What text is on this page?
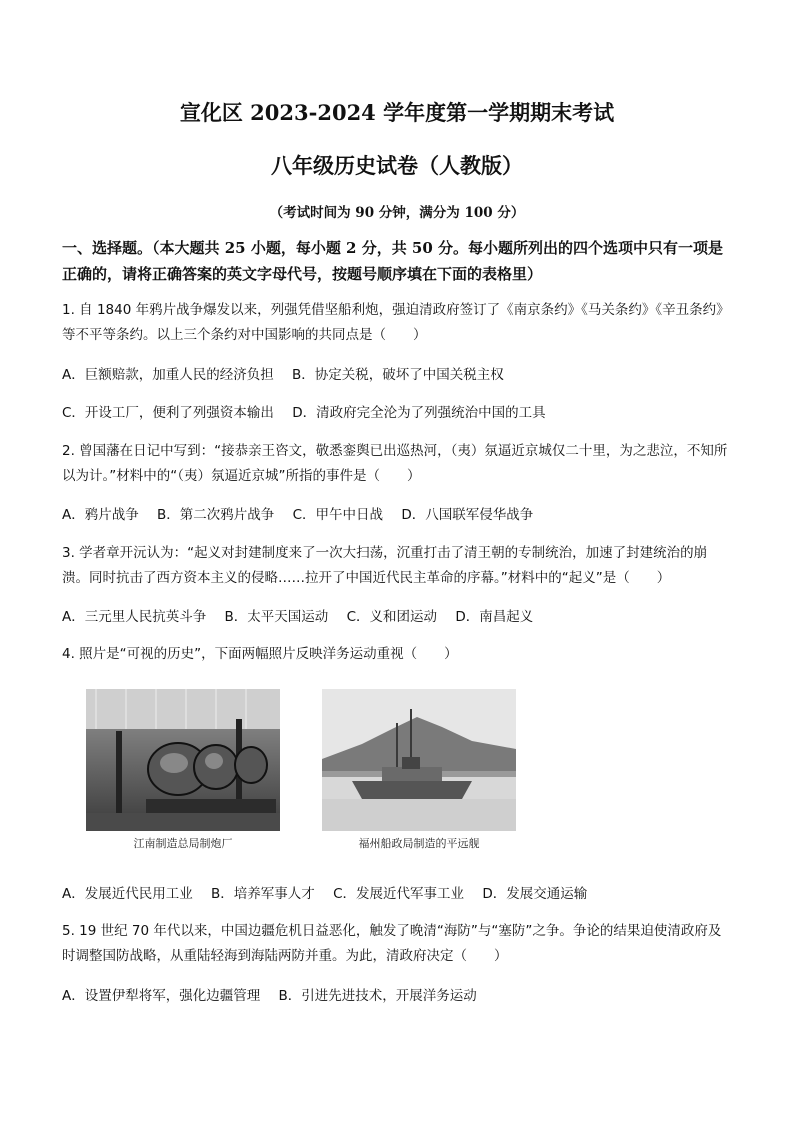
宣化区 2023-2024 学年度第一学期期末考试
八年级历史试卷（人教版）
（考试时间为 90 分钟，满分为 100 分）
一、选择题。（本大题共 25 小题，每小题 2 分，共 50 分。每小题所列出的四个选项中只有一项是正确的，请将正确答案的英文字母代号，按题号顺序填在下面的表格里）
1. 自 1840 年鸦片战争爆发以来，列强凭借坚船利炮，强迫清政府签订了《南京条约》《马关条约》《辛丑条约》等不平等条约。以上三个条约对中国影响的共同点是（　　）
A．巨额赔款，加重人民的经济负担 B．协定关税，破坏了中国关税主权
C．开设工厂，便利了列强资本输出 D．清政府完全沦为了列强统治中国的工具
2. 曾国藩在日记中写到：“接恭亲王咨文，敬悉銮舆已出巡热河，（夷）氛逼近京城仅二十里，为之悲泣，不知所以为计。”材料中的“（夷）氛逼近京城”所指的事件是（　　）
A．鸦片战争 B．第二次鸦片战争 C．甲午中日战 D．八国联军侵华战争
3. 学者章开沅认为：“起义对封建制度来了一次大扫荡，沉重打击了清王朝的专制统治，加速了封建统治的崩溃。同时抗击了西方资本主义的侵略……拉开了中国近代民主革命的序幕。”材料中的“起义”是（　　）
A．三元里人民抗英斗争 B．太平天国运动 C．义和团运动 D．南昌起义
4. 照片是“可视的历史”，下面两幅照片反映洋务运动重视（　　）
江南制造总局制炮厂	福州船政局制造的平远舰
A．发展近代民用工业 B．培养军事人才 C．发展近代军事工业 D．发展交通运输
5. 19 世纪 70 年代以来，中国边疆危机日益恶化，触发了晚清“海防”与“塞防”之争。争论的结果迫使清政府及时调整国防战略，从重陆轻海到海陆两防并重。为此，清政府决定（　　）
A．设置伊犁将军，强化边疆管理 B．引进先进技术，开展洋务运动
